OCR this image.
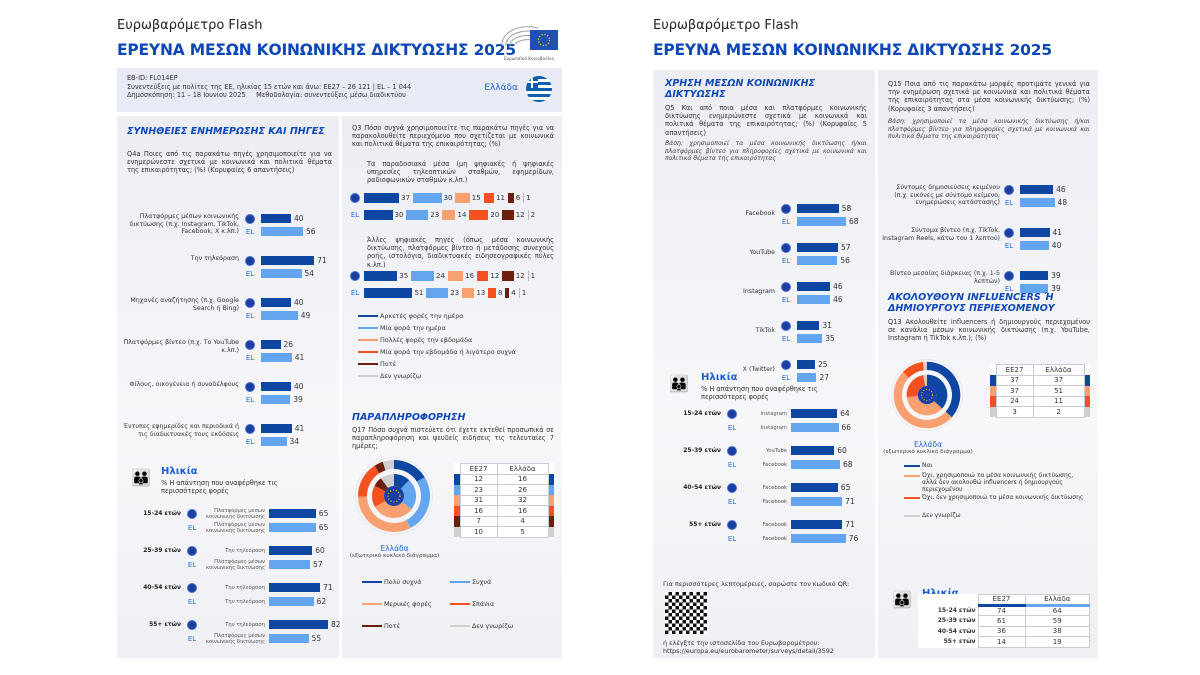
Ευρωβαρόμετρο Flash
ΕΡΕΥΝΑ ΜΕΣΩΝ ΚΟΙΝΩΝΙΚΗΣ ΔΙΚΤΥΩΣΗΣ 2025
Ευρωπαϊκό Κοινοβούλιο
EB-ID: FL014EP
Συνεντεύξεις με πολίτες της ΕΕ, ηλικίας 15 ετών και άνω: ΕΕ27 – 26 121 | EL – 1 044
Δημοσκόπηση: 11 – 18 Ιουνίου 2025 Μεθοδολογία: συνεντεύξεις μέσω διαδικτύου
Ελλάδα
ΣΥΝΗΘΕΙΕΣ ΕΝΗΜΕΡΩΣΗΣ ΚΑΙ ΠΗΓΕΣ
Q4a Ποιες από τις παρακάτω πηγές χρησιμοποιείτε για να ενημερώνεστε σχετικά με κοινωνικά και πολιτικά θέματα της επικαιρότητας; (%) (Κορυφαίες 6 απαντήσεις)
Πλατφόρμες μέσων κοινωνικής δικτύωσης (π.χ. Instagram, TikTok, Facebook, X κ.λπ.)
40
EL	56
Την τηλεόραση	71
EL	54
Μηχανές αναζήτησης (π.χ. Google Search ή Bing)
40
EL	49
Πλατφόρμες βίντεο (π.χ. Το YouTube κ.λπ.)
26
EL	41
Φίλους, οικογένεια ή συναδέλφους	40
EL	39
Έντυπες εφημερίδες και περιοδικά ή τις διαδικτυακές τους εκδόσεις
41
EL	34
👪 Ηλικία
% Η απάντηση που αναφέρθηκε τις περισσότερες φορές
15-24 ετών	Πλατφόρμες μέσων κοινωνικής δικτύωσης	65
EL	Πλατφόρμες μέσων κοινωνικής δικτύωσης	65
25-39 ετών	Την τηλεόραση	60
EL	Πλατφόρμες μέσων κοινωνικής δικτύωσης	57
40-54 ετών	Την τηλεόραση	71
EL	Την τηλεόραση	62
55+ ετών	Την τηλεόραση	82
EL	Πλατφόρμες μέσων κοινωνικής δικτύωσης	55
Q3 Πόσο συχνά χρησιμοποιείτε τις παρακάτω πηγές για να παρακολουθείτε περιεχόμενο που σχετίζεται με κοινωνικά και πολιτικά θέματα της επικαιρότητας; (%)
Τα παραδοσιακά μέσα (μη ψηφιακές ή ψηφιακές υπηρεσίες τηλεοπτικών σταθμών, εφημερίδων, ραδιοφωνικών σταθμών κ.λπ.)
Άλλες ψηφιακές πηγές (όπως μέσα κοινωνικής δικτύωσης, πλατφόρμες βίντεο ή μετάδοσης συνεχούς ροής, ιστολόγια, διαδικτυακές ειδησεογραφικές πύλες κ.λπ.)
37	30	15 11 6 1
EL	30	23	14	20 12 2
35	24	16 12 12 1
EL	51	23 13 8 4 1
Αρκετές φορές την ημέρα
Μία φορά την ημέρα
Πολλές φορές την εβδομάδα
Μία φορά την εβδομάδα ή λιγότερο συχνά
Ποτέ
Δεν γνωρίζω
ΠΑΡΑΠΛΗΡΟΦΟΡΗΣΗ
Q17 Πόσο συχνά πιστεύετε ότι έχετε εκτεθεί προσωπικά σε παραπληροφόρηση και ψευδείς ειδήσεις τις τελευταίες 7 ημέρες;
Ελλάδα
(εξωτερικό κυκλικό διάγραμμα)
	ΕΕ27	Ελλάδα	
	12	16	
	23	26	
	31	32	
	16	16	
	7	4	
	10	5	
Πολύ συχνά	Συχνά
Μερικές φορές	Σπάνια
Ποτέ	Δεν γνωρίζω
Ευρωβαρόμετρο Flash
ΕΡΕΥΝΑ ΜΕΣΩΝ ΚΟΙΝΩΝΙΚΗΣ ΔΙΚΤΥΩΣΗΣ 2025
ΧΡΗΣΗ ΜΕΣΩΝ ΚΟΙΝΩΝΙΚΗΣ ΔΙΚΤΥΩΣΗΣ
Q5 Και από ποια μέσα και πλατφόρμες κοινωνικής δικτύωσης ενημερώνεστε σχετικά με κοινωνικά και πολιτικά θέματα της επικαιρότητας; (%) (Κορυφαίες 5 απαντήσεις)
Βάση: χρησιμοποιεί τα μέσα κοινωνικής δικτύωσης ή/και πλατφόρμες βίντεο για πληροφορίες σχετικά με κοινωνικά και πολιτικά θέματα της επικαιρότητας
Facebook
58
EL	68
YouTube
57
EL	56
Instagram
46
EL	46
TikTok
31
EL	35
X (Twitter)
25
EL	27
👪 Ηλικία
% Η απάντηση που αναφέρθηκε τις περισσότερες φορές
15-24 ετών	Instagram	64
EL	Instagram	66
25-39 ετών	YouTube	60
EL	Facebook	68
40-54 ετών	Facebook	65
EL	Facebook	71
55+ ετών	Facebook	71
EL	Facebook	76
Για περισσότερες λεπτομέρειες, σαρώστε τον κωδικό QR:
ή ελέγξτε την ιστοσελίδα του Ευρωβαρομέτρου:
https://europa.eu/eurobarometer/surveys/detail/3592
Q15 Ποια από τις παρακάτω μορφές προτιμάτε γενικά για την ενημέρωση σχετικά με κοινωνικά και πολιτικά θέματα της επικαιρότητας στα μέσα κοινωνικής δικτύωσης; (%) (Κορυφαίες 3 απαντήσεις)
Βάση: χρησιμοποιεί τα μέσα κοινωνικής δικτύωσης ή/και πλατφόρμες βίντεο για πληροφορίες σχετικά με κοινωνικά και πολιτικά θέματα της επικαιρότητας
Σύντομες δημοσιεύσεις κειμένου (π.χ. εικόνες με σύντομο κείμενο, ενημερώσεις κατάστασης)
46
EL	48
Σύντομα βίντεο (π.χ. TikTok, Instagram Reels, κάτω του 1 λεπτού)
41
EL	40
Βίντεο μεσαίας διάρκειας (π.χ. 1-5 λεπτών)
39
EL	39
ΑΚΟΛΟΥΘΟΥΝ INFLUENCERS Ή ΔΗΜΙΟΥΡΓΟΥΣ ΠΕΡΙΕΧΟΜΕΝΟΥ
Q13 Ακολουθείτε influencers ή δημιουργούς περιεχομένου σε κανάλια μέσων κοινωνικής δικτύωσης (π.χ. YouTube, Instagram ή TikTok κ.λπ.); (%)
Ελλάδα
(εξωτερικό κυκλικό διάγραμμα)
	ΕΕ27	Ελλάδα	
	37	37	
	37	51	
	24	11	
	3	2	
Ναι
Όχι, χρησιμοποιώ τα μέσα κοινωνικής δικτύωσης, αλλά δεν ακολουθώ influencers ή δημιουργούς περιεχομένου
Όχι, δεν χρησιμοποιώ τα μέσα κοινωνικής δικτύωσης
Δεν γνωρίζω
👪
		ΕΕ27	Ελλάδα
15-24 ετών	74	64
25-39 ετών	61	59
40-54 ετών	36	38
55+ ετών	14	19
